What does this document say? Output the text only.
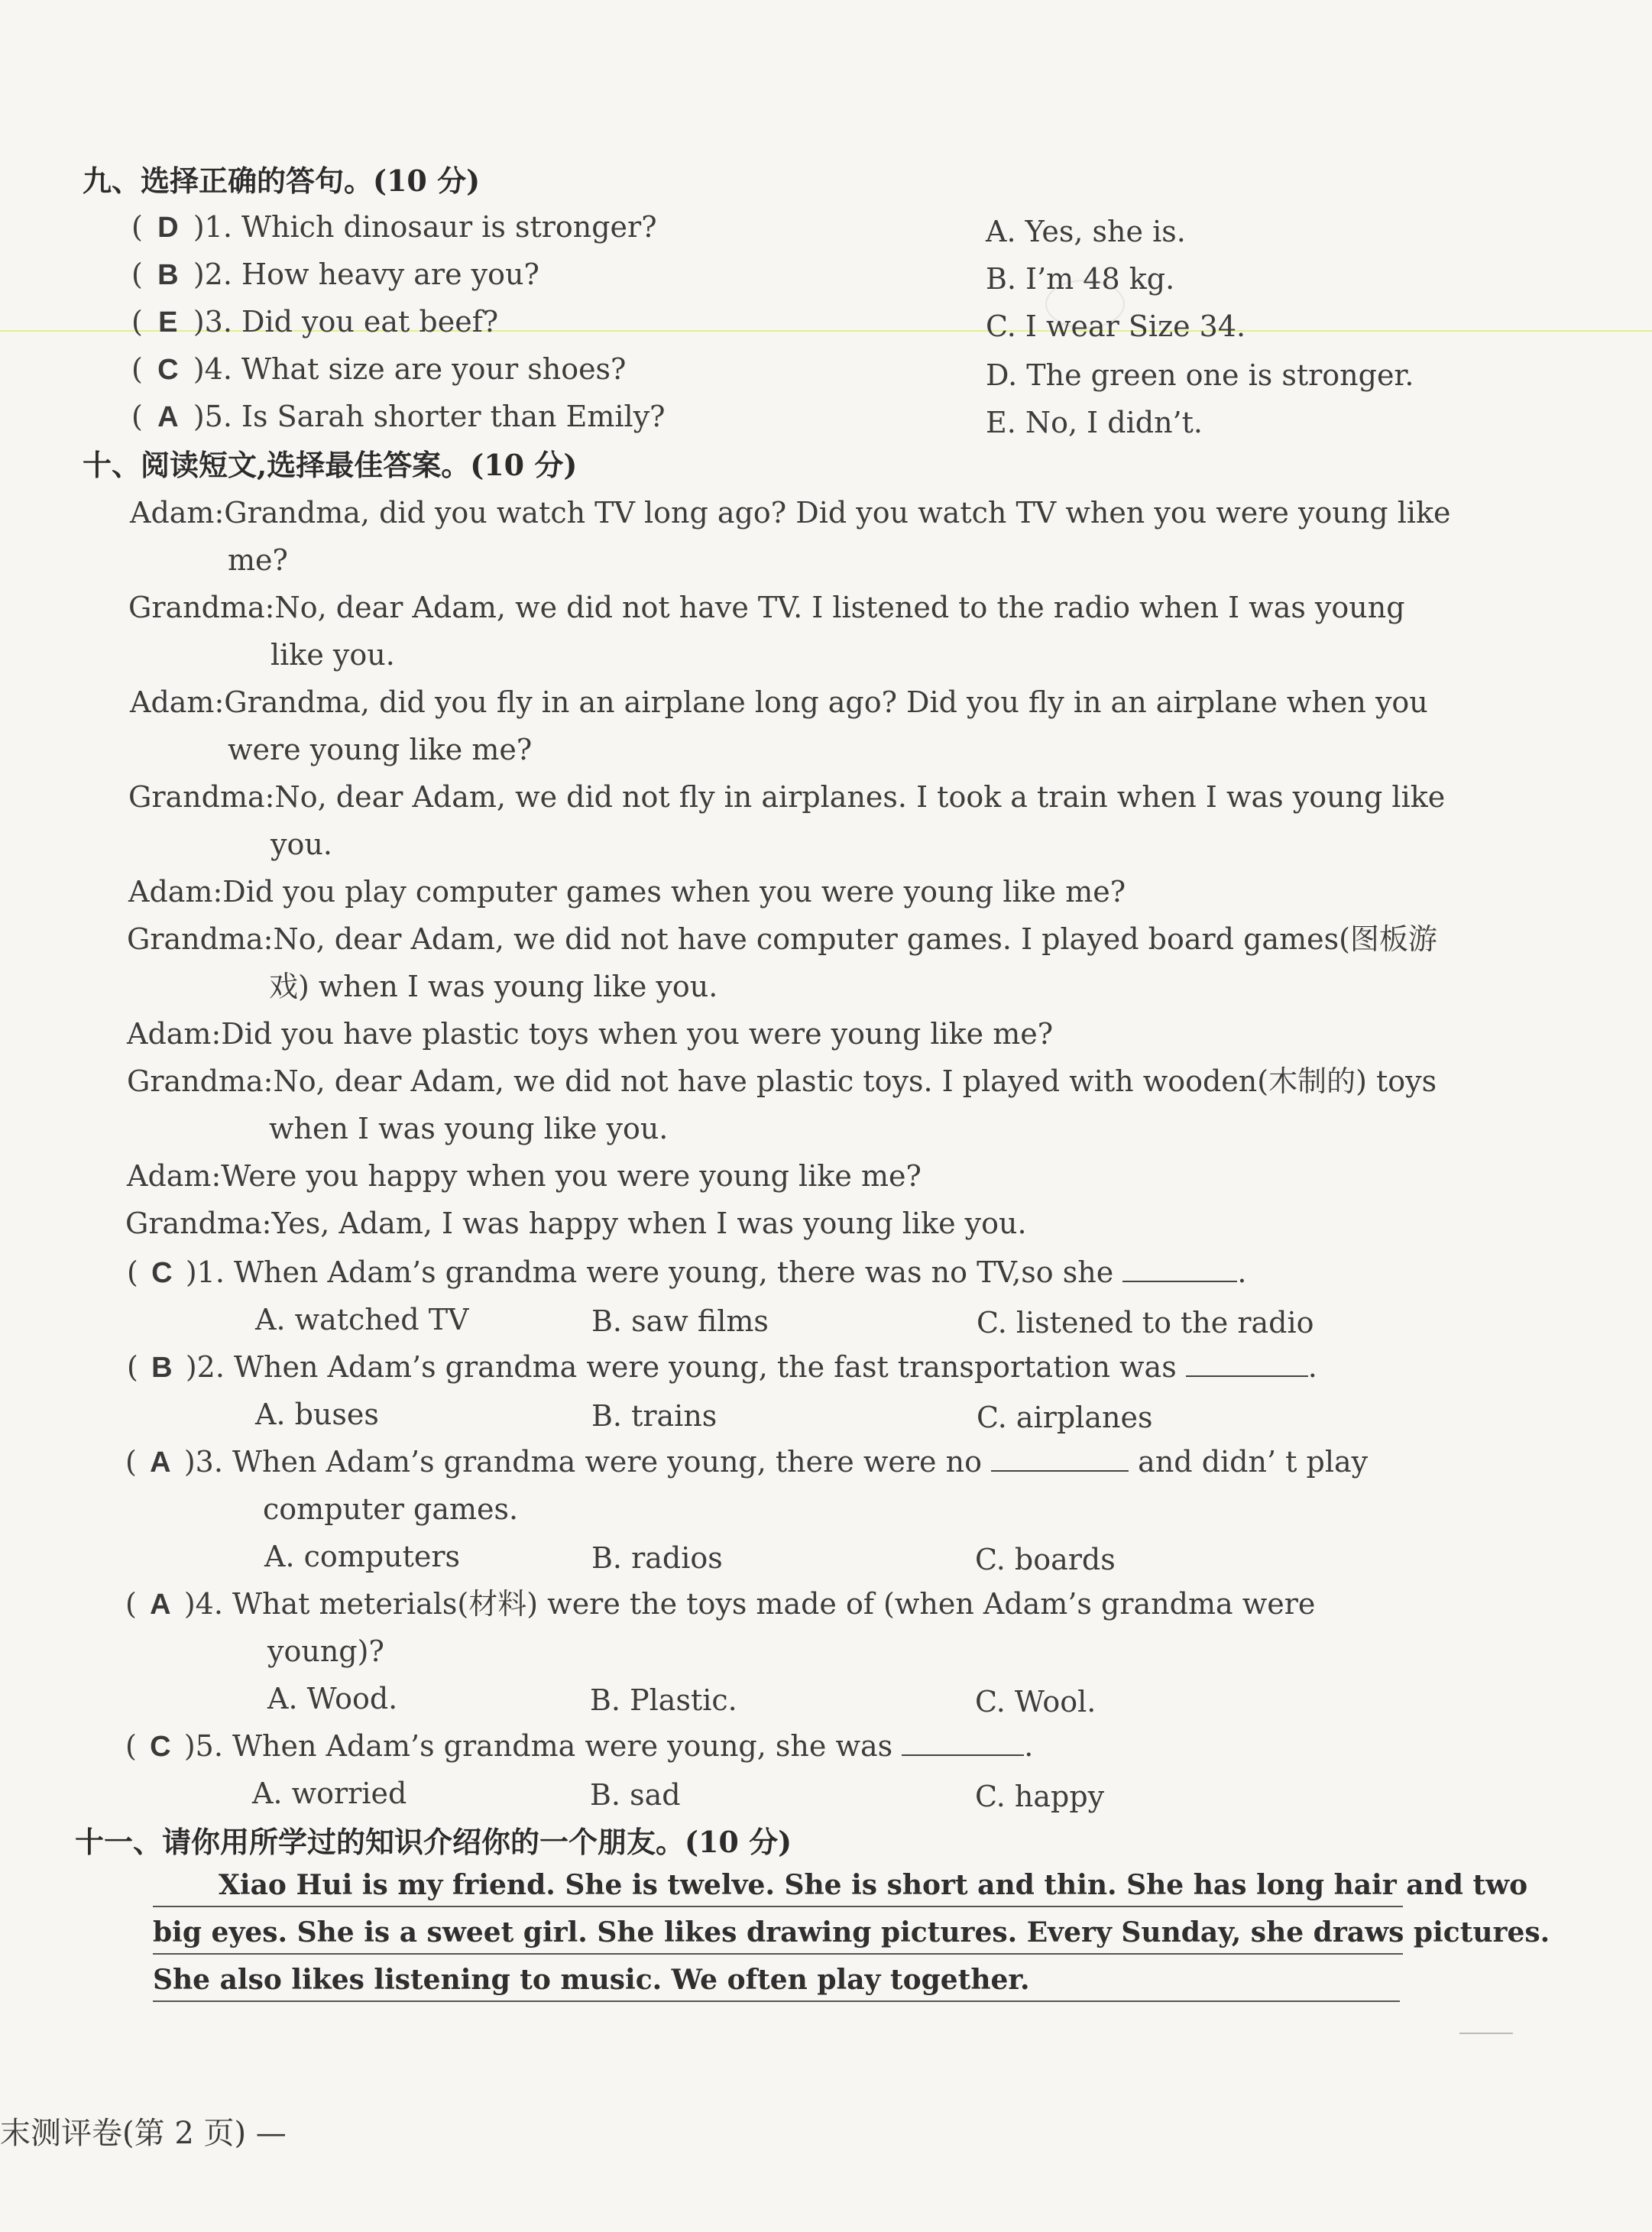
九、选择正确的答句。(10 分)
( D )1. Which dinosaur is stronger?
( B )2. How heavy are you?
( E )3. Did you eat beef?
( C )4. What size are your shoes?
( A )5. Is Sarah shorter than Emily?
A. Yes, she is.
B. I’m 48 kg.
C. I wear Size 34.
D. The green one is stronger.
E. No, I didn’t.
十、阅读短文,选择最佳答案。(10 分)
Adam:Grandma, did you watch TV long ago? Did you watch TV when you were young like
me?
Grandma:No, dear Adam, we did not have TV. I listened to the radio when I was young
like you.
Adam:Grandma, did you fly in an airplane long ago? Did you fly in an airplane when you
were young like me?
Grandma:No, dear Adam, we did not fly in airplanes. I took a train when I was young like
you.
Adam:Did you play computer games when you were young like me?
Grandma:No, dear Adam, we did not have computer games. I played board games(图板游
戏) when I was young like you.
Adam:Did you have plastic toys when you were young like me?
Grandma:No, dear Adam, we did not have plastic toys. I played with wooden(木制的) toys
when I was young like you.
Adam:Were you happy when you were young like me?
Grandma:Yes, Adam, I was happy when I was young like you.
( C )1. When Adam’s grandma were young, there was no TV,so she	.
A. watched TV	B. saw films	C. listened to the radio
( B )2. When Adam’s grandma were young, the fast transportation was	.
A. buses	B. trains	C. airplanes
( A )3. When Adam’s grandma were young, there were no	and didn’ t play
computer games.
A. computers	B. radios	C. boards
( A )4. What meterials(材料) were the toys made of (when Adam’s grandma were
young)?
A. Wood.	B. Plastic.	C. Wool.
( C )5. When Adam’s grandma were young, she was	.
A. worried	B. sad	C. happy
十一、请你用所学过的知识介绍你的一个朋友。(10 分)
Xiao Hui is my friend. She is twelve. She is short and thin. She has long hair and two
big eyes. She is a sweet girl. She likes drawing pictures. Every Sunday, she draws pictures.
She also likes listening to music. We often play together.
末测评卷(第 2 页) —
